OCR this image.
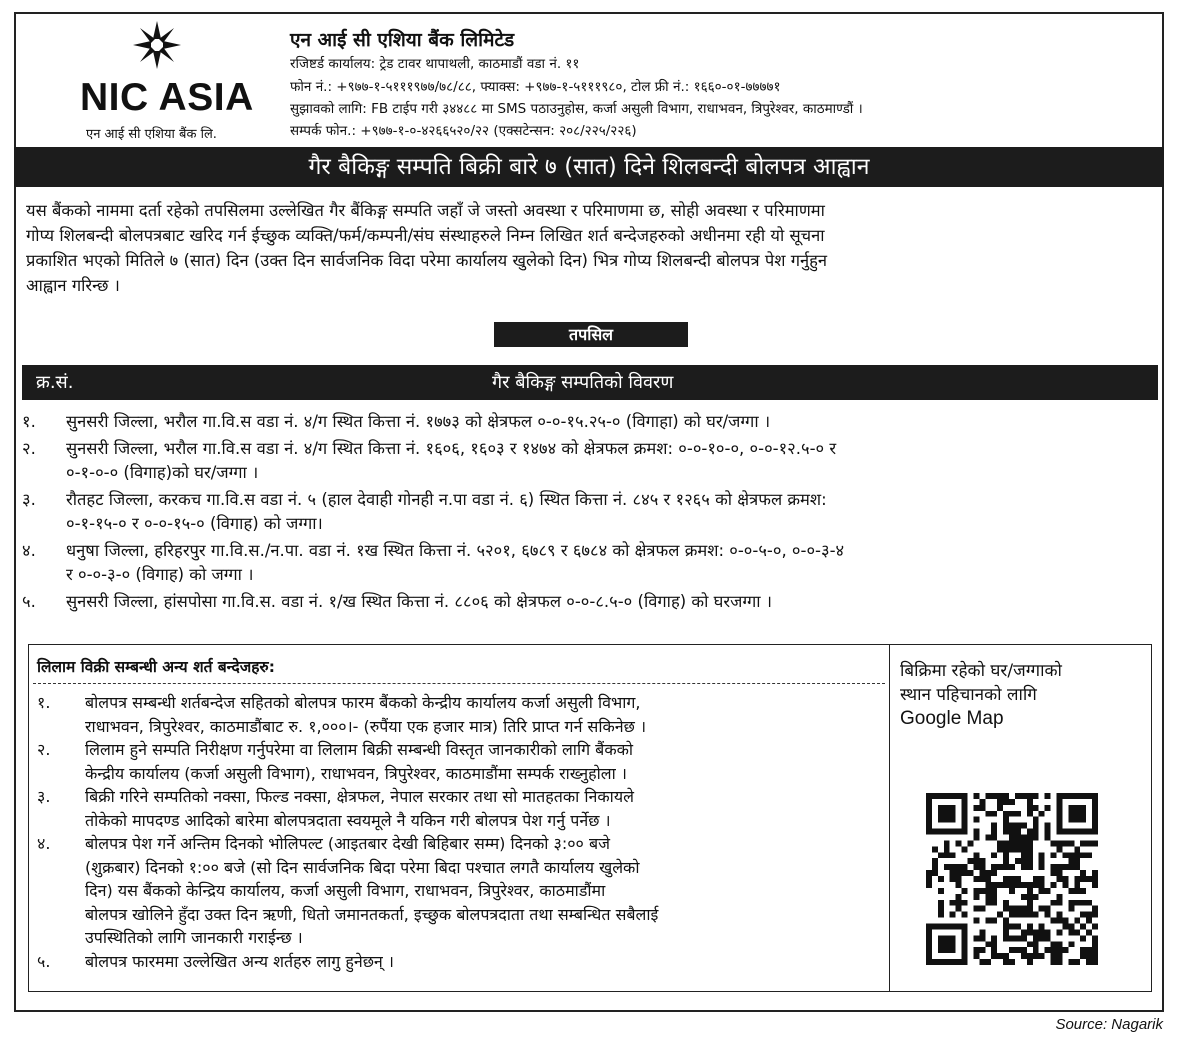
NIC ASIA
एन आई सी एशिया बैंक लि.
एन आई सी एशिया बैंक लिमिटेड
रजिष्टर्ड कार्यालय: ट्रेड टावर थापाथली, काठमाडौं वडा नं. ११
फोन नं.: +९७७-१-५१११९७७/७८/८८, फ्याक्स: +९७७-१-५१११९८०, टोल फ्री नं.: १६६०-०१-७७७७१
सुझावको लागि: FB टाईप गरी ३४४८८ मा SMS पठाउनुहोस, कर्जा असुली विभाग, राधाभवन, त्रिपुरेश्वर, काठमाण्डौं ।
सम्पर्क फोन.: +९७७-१-०-४२६६५२०/२२ (एक्सटेन्सन: २०८/२२५/२२६)
गैर बैकिङ्ग सम्पति बिक्री बारे ७ (सात) दिने शिलबन्दी बोलपत्र आह्वान
यस बैंकको नाममा दर्ता रहेको तपसिलमा उल्लेखित गैर बैंकिङ्ग सम्पति जहाँ जे जस्तो अवस्था र परिमाणमा छ, सोही अवस्था र परिमाणमा
गोप्य शिलबन्दी बोलपत्रबाट खरिद गर्न ईच्छुक व्यक्ति/फर्म/कम्पनी/संघ संस्थाहरुले निम्न लिखित शर्त बन्देजहरुको अधीनमा रही यो सूचना
प्रकाशित भएको मितिले ७ (सात) दिन (उक्त दिन सार्वजनिक विदा परेमा कार्यालय खुलेको दिन) भित्र गोप्य शिलबन्दी बोलपत्र पेश गर्नुहुन
आह्वान गरिन्छ ।
तपसिल
क्र.सं.	गैर बैकिङ्ग सम्पतिको विवरण
१. सुनसरी जिल्ला, भरौल गा.वि.स वडा नं. ४/ग स्थित कित्ता नं. १७७३ को क्षेत्रफल ०-०-१५.२५-० (विगाहा) को घर/जग्गा ।
२. सुनसरी जिल्ला, भरौल गा.वि.स वडा नं. ४/ग स्थित कित्ता नं. १६०६, १६०३ र १४७४ को क्षेत्रफल क्रमश: ०-०-१०-०, ०-०-१२.५-० र
०-१-०-० (विगाह)को घर/जग्गा ।
३. रौतहट जिल्ला, करकच गा.वि.स वडा नं. ५ (हाल देवाही गोनही न.पा वडा नं. ६) स्थित कित्ता नं. ८४५ र १२६५ को क्षेत्रफल क्रमश:
०-१-१५-० र ०-०-१५-० (विगाह) को जग्गा।
४. धनुषा जिल्ला, हरिहरपुर गा.वि.स./न.पा. वडा नं. १ख स्थित कित्ता नं. ५२०१, ६७८९ र ६७८४ को क्षेत्रफल क्रमश: ०-०-५-०, ०-०-३-४
र ०-०-३-० (विगाह) को जग्गा ।
५. सुनसरी जिल्ला, हांसपोसा गा.वि.स. वडा नं. १/ख स्थित कित्ता नं. ८८०६ को क्षेत्रफल ०-०-८.५-० (विगाह) को घरजग्गा ।
लिलाम विक्री सम्बन्धी अन्य शर्त बन्देजहरु:
१. बोलपत्र सम्बन्धी शर्तबन्देज सहितको बोलपत्र फारम बैंकको केन्द्रीय कार्यालय कर्जा असुली विभाग,
राधाभवन, त्रिपुरेश्वर, काठमाडौंबाट रु. १,०००।- (रुपैंया एक हजार मात्र) तिरि प्राप्त गर्न सकिनेछ ।
२. लिलाम हुने सम्पति निरीक्षण गर्नुपरेमा वा लिलाम बिक्री सम्बन्धी विस्तृत जानकारीको लागि बैंकको
केन्द्रीय कार्यालय (कर्जा असुली विभाग), राधाभवन, त्रिपुरेश्वर, काठमाडौंमा सम्पर्क राख्नुहोला ।
३. बिक्री गरिने सम्पतिको नक्सा, फिल्ड नक्सा, क्षेत्रफल, नेपाल सरकार तथा सो मातहतका निकायले
तोकेको मापदण्ड आदिको बारेमा बोलपत्रदाता स्वयमूले नै यकिन गरी बोलपत्र पेश गर्नु पर्नेछ ।
४. बोलपत्र पेश गर्ने अन्तिम दिनको भोलिपल्ट (आइतबार देखी बिहिबार सम्म) दिनको ३:०० बजे
(शुक्रबार) दिनको १:०० बजे (सो दिन सार्वजनिक बिदा परेमा बिदा पश्चात लगतै कार्यालय खुलेको
दिन) यस बैंकको केन्द्रिय कार्यालय, कर्जा असुली विभाग, राधाभवन, त्रिपुरेश्वर, काठमाडौंमा
बोलपत्र खोलिने हुँदा उक्त दिन ऋणी, धितो जमानतकर्ता, इच्छुक बोलपत्रदाता तथा सम्बन्धित सबैलाई
उपस्थितिको लागि जानकारी गराईन्छ ।
५. बोलपत्र फारममा उल्लेखित अन्य शर्तहरु लागु हुनेछन् ।
बिक्रिमा रहेको घर/जग्गाको
स्थान पहिचानको लागि
Google Map
Source: Nagarik
